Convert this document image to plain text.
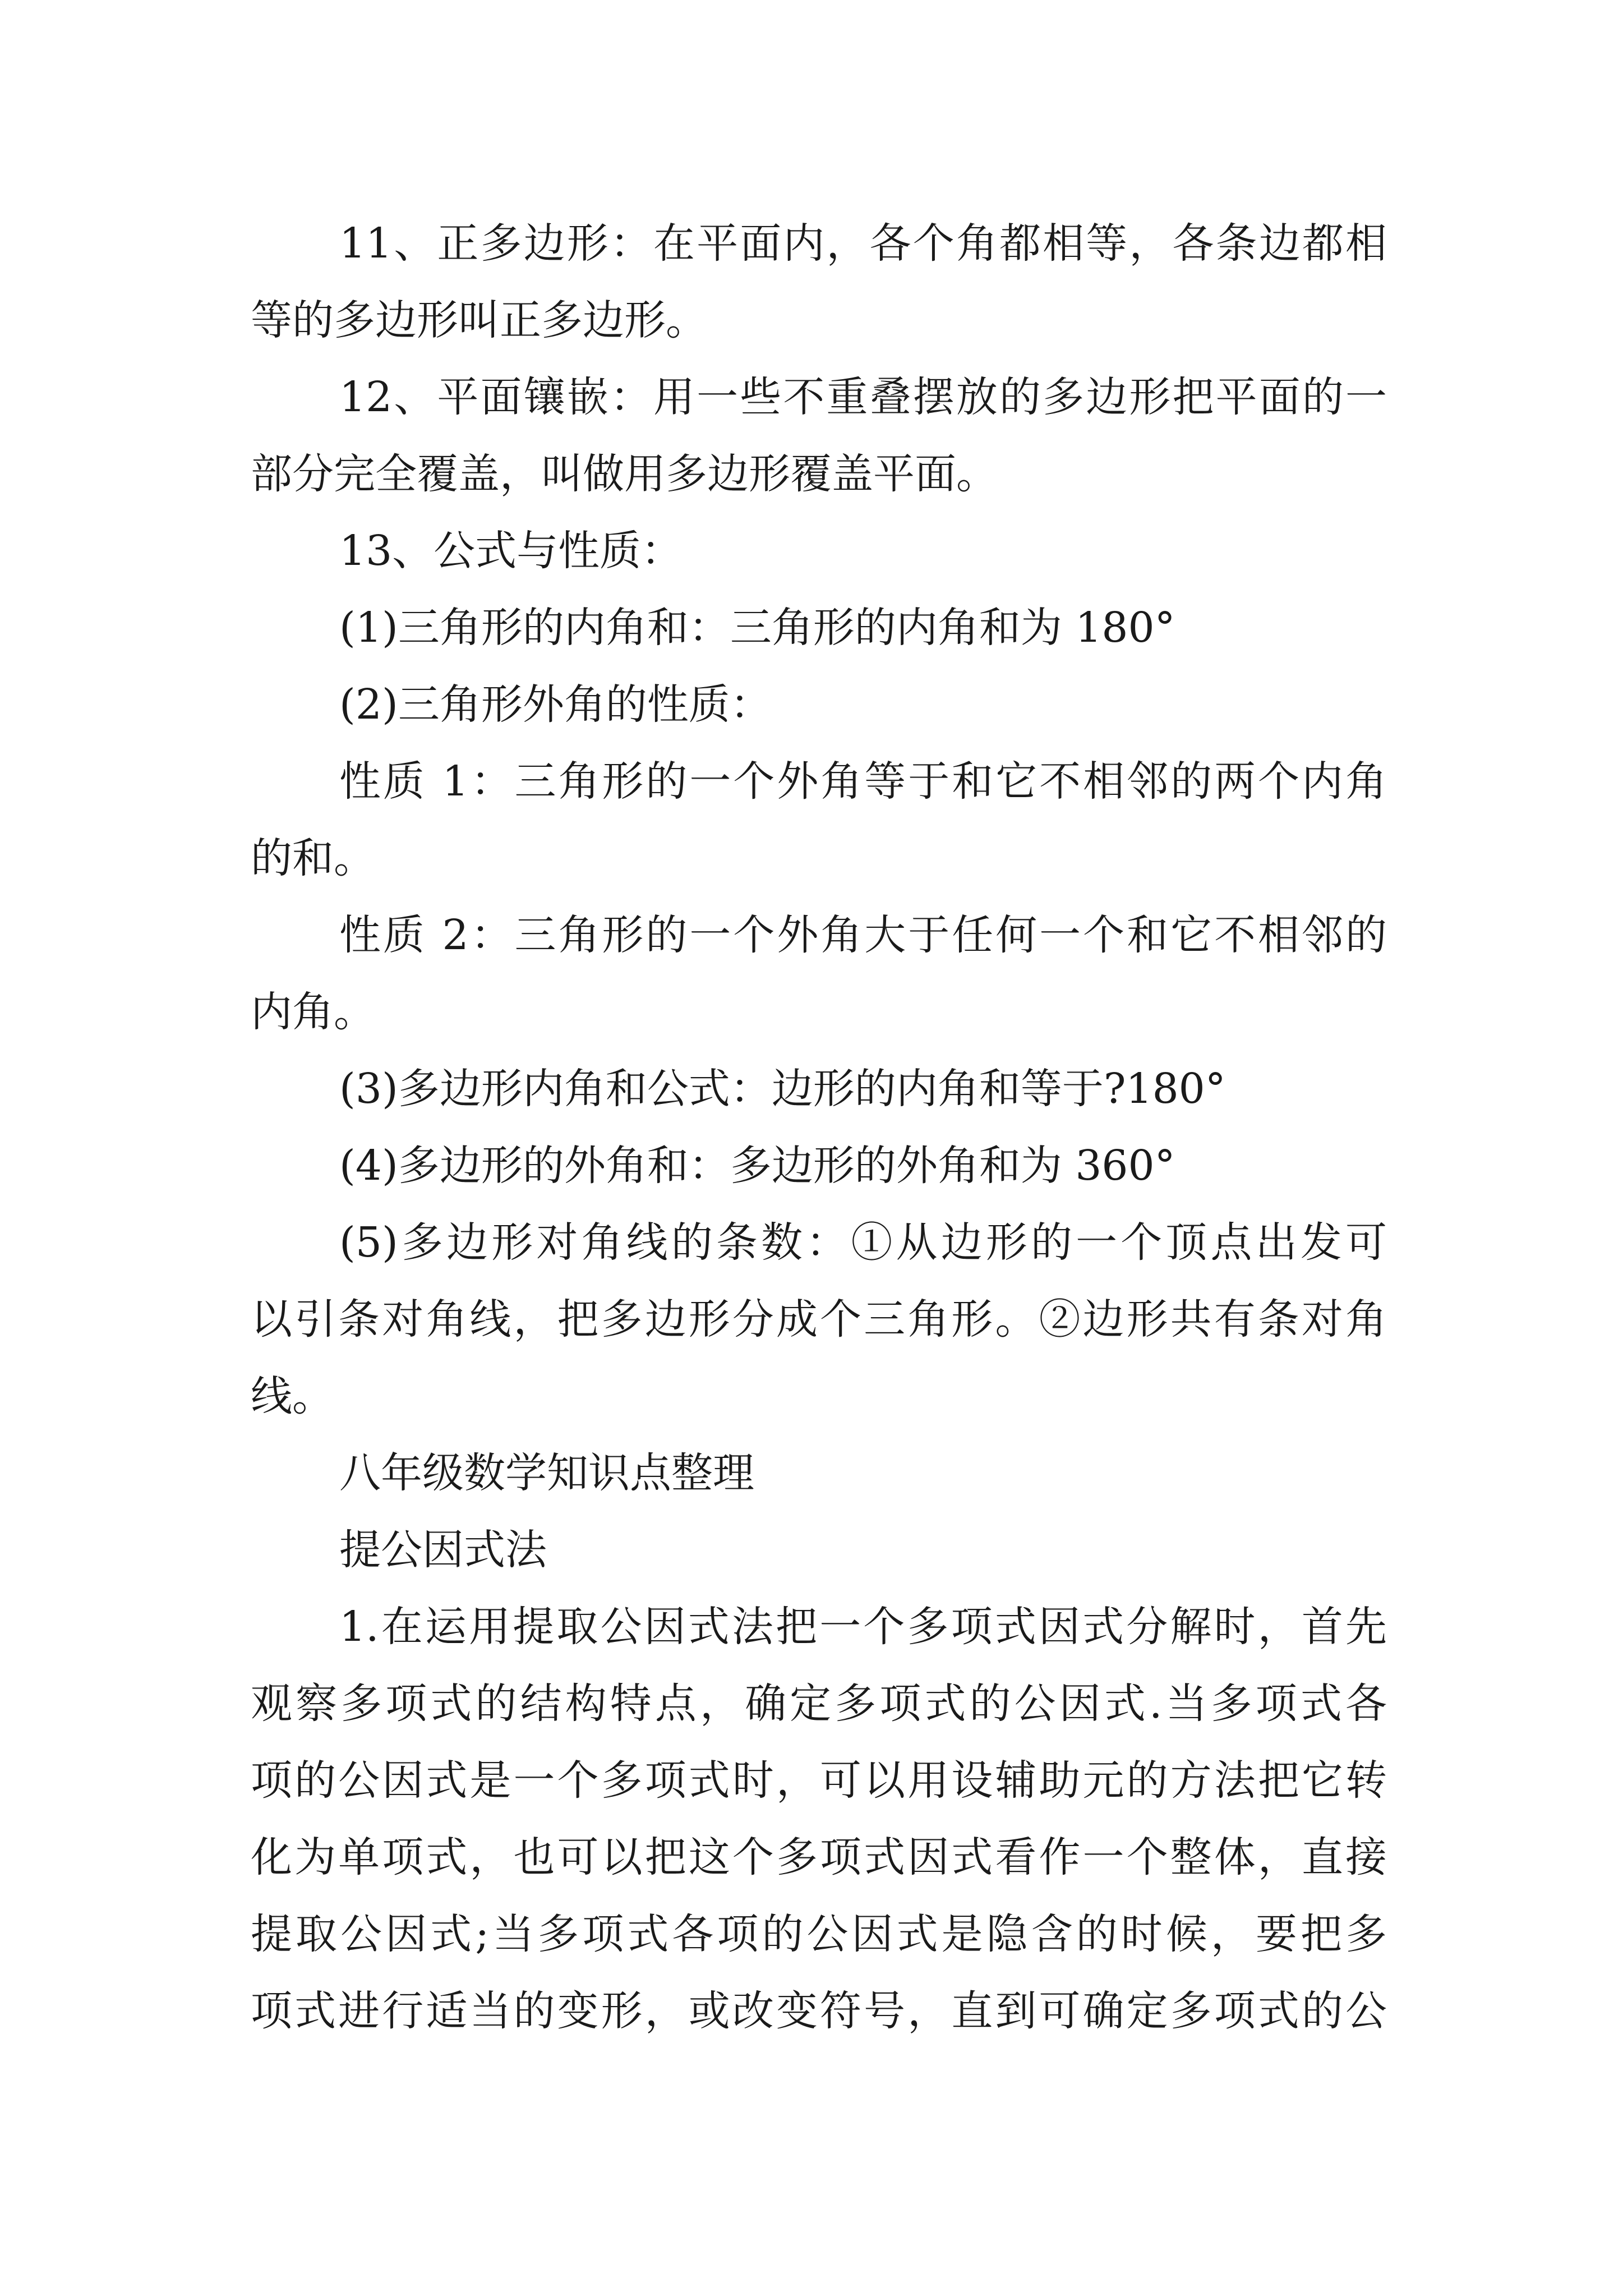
11、正多边形：在平面内，各个角都相等，各条边都相
等的多边形叫正多边形。
12、平面镶嵌：用一些不重叠摆放的多边形把平面的一
部分完全覆盖，叫做用多边形覆盖平面。
13、公式与性质：
(1)三角形的内角和：三角形的内角和为 180°
(2)三角形外角的性质：
性质 1：三角形的一个外角等于和它不相邻的两个内角
的和。
性质 2：三角形的一个外角大于任何一个和它不相邻的
内角。
(3)多边形内角和公式：边形的内角和等于?180°
(4)多边形的外角和：多边形的外角和为 360°
(5)多边形对角线的条数：①从边形的一个顶点出发可
以引条对角线，把多边形分成个三角形。②边形共有条对角
线。
八年级数学知识点整理
提公因式法
1.在运用提取公因式法把一个多项式因式分解时，首先
观察多项式的结构特点，确定多项式的公因式.当多项式各
项的公因式是一个多项式时，可以用设辅助元的方法把它转
化为单项式，也可以把这个多项式因式看作一个整体，直接
提取公因式;当多项式各项的公因式是隐含的时候，要把多
项式进行适当的变形，或改变符号，直到可确定多项式的公
